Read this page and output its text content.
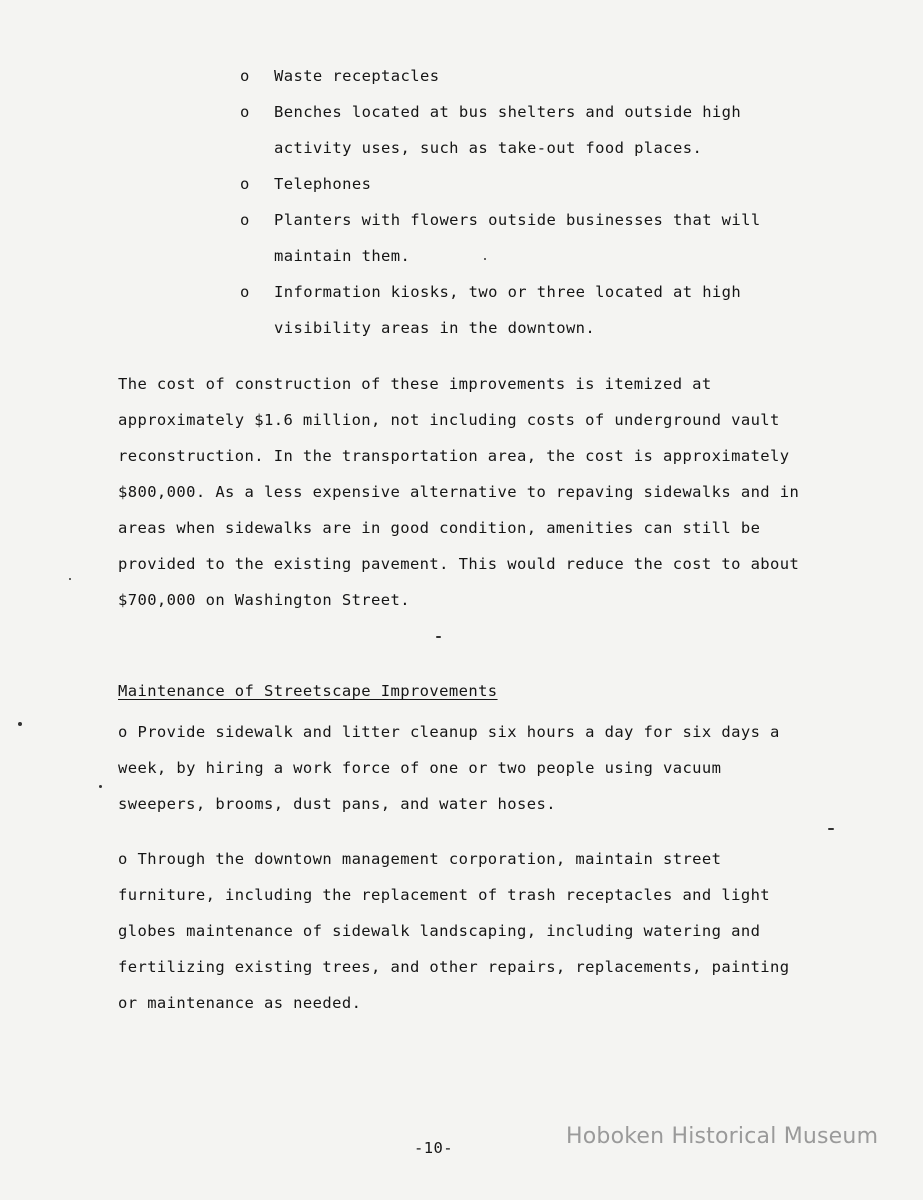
o	Waste receptacles
o	Benches located at bus shelters and outside high activity uses, such as take-out food places.
o	Telephones
o	Planters with flowers outside businesses that will maintain them.
o	Information kiosks, two or three located at high visibility areas in the downtown.

The cost of construction of these improvements is itemized at approximately $1.6 million, not including costs of underground vault reconstruction. In the transportation area, the cost is approximately $800,000. As a less expensive alternative to repaving sidewalks and in areas when sidewalks are in good condition, amenities can still be provided to the existing pavement. This would reduce the cost to about $700,000 on Washington Street.

Maintenance of Streetscape Improvements

o Provide sidewalk and litter cleanup six hours a day for six days a week, by hiring a work force of one or two people using vacuum sweepers, brooms, dust pans, and water hoses.

o Through the downtown management corporation, maintain street furniture, including the replacement of trash receptacles and light globes maintenance of sidewalk landscaping, including watering and fertilizing existing trees, and other repairs, replacements, painting or maintenance as needed.

-10-	Hoboken Historical Museum
